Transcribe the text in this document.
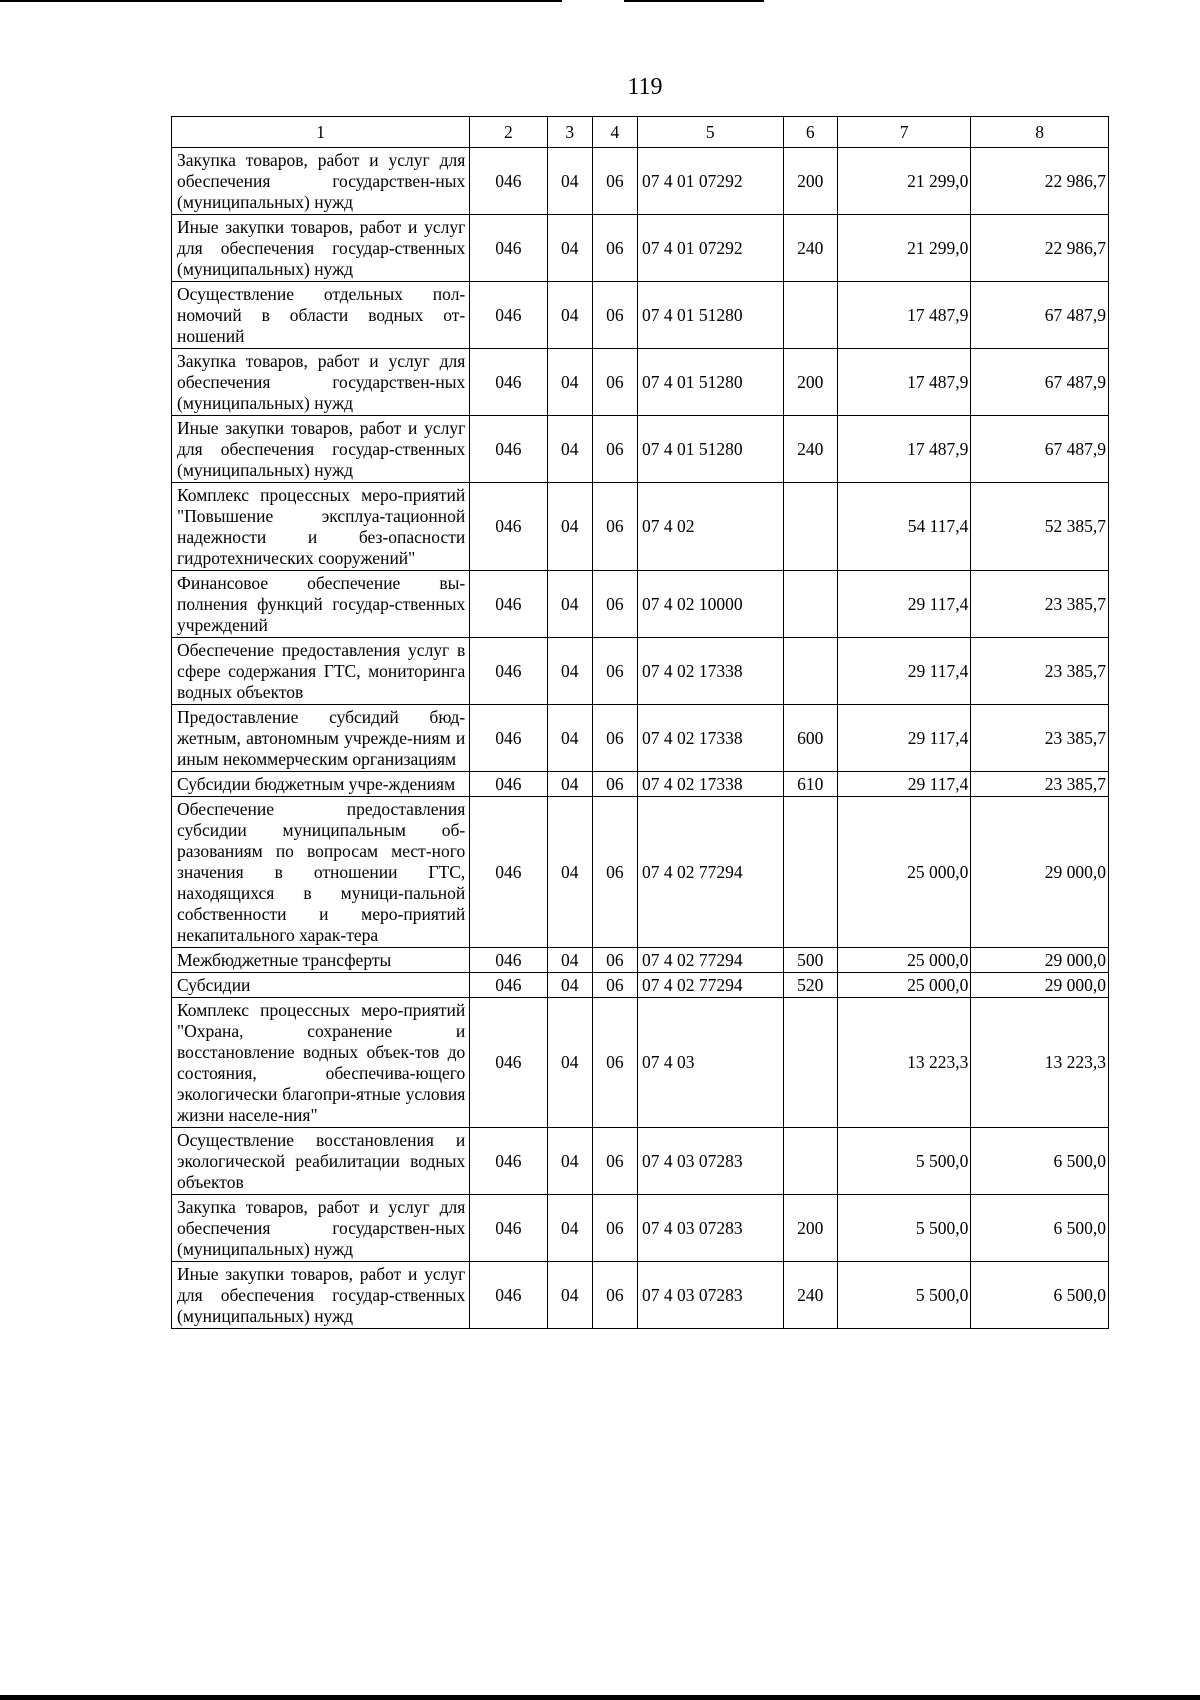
119
1	2	3	4	5	6	7	8
Закупка товаров, работ и услуг для обеспечения государствен-ных (муниципальных) нужд	046	04	06	07 4 01 07292	200	21 299,0	22 986,7
Иные закупки товаров, работ и услуг для обеспечения государ-ственных (муниципальных) нужд	046	04	06	07 4 01 07292	240	21 299,0	22 986,7
Осуществление отдельных пол-номочий в области водных от-ношений	046	04	06	07 4 01 51280		17 487,9	67 487,9
Закупка товаров, работ и услуг для обеспечения государствен-ных (муниципальных) нужд	046	04	06	07 4 01 51280	200	17 487,9	67 487,9
Иные закупки товаров, работ и услуг для обеспечения государ-ственных (муниципальных) нужд	046	04	06	07 4 01 51280	240	17 487,9	67 487,9
Комплекс процессных меро-приятий "Повышение эксплуа-тационной надежности и без-опасности гидротехнических сооружений"	046	04	06	07 4 02		54 117,4	52 385,7
Финансовое обеспечение вы-полнения функций государ-ственных учреждений	046	04	06	07 4 02 10000		29 117,4	23 385,7
Обеспечение предоставления услуг в сфере содержания ГТС, мониторинга водных объектов	046	04	06	07 4 02 17338		29 117,4	23 385,7
Предоставление субсидий бюд-жетным, автономным учрежде-ниям и иным некоммерческим организациям	046	04	06	07 4 02 17338	600	29 117,4	23 385,7
Субсидии бюджетным учре-ждениям	046	04	06	07 4 02 17338	610	29 117,4	23 385,7
Обеспечение предоставления субсидии муниципальным об-разованиям по вопросам мест-ного значения в отношении ГТС, находящихся в муници-пальной собственности и меро-приятий некапитального харак-тера	046	04	06	07 4 02 77294		25 000,0	29 000,0
Межбюджетные трансферты	046	04	06	07 4 02 77294	500	25 000,0	29 000,0
Субсидии	046	04	06	07 4 02 77294	520	25 000,0	29 000,0
Комплекс процессных меро-приятий "Охрана, сохранение и восстановление водных объек-тов до состояния, обеспечива-ющего экологически благопри-ятные условия жизни населе-ния"	046	04	06	07 4 03		13 223,3	13 223,3
Осуществление восстановления и экологической реабилитации водных объектов	046	04	06	07 4 03 07283		5 500,0	6 500,0
Закупка товаров, работ и услуг для обеспечения государствен-ных (муниципальных) нужд	046	04	06	07 4 03 07283	200	5 500,0	6 500,0
Иные закупки товаров, работ и услуг для обеспечения государ-ственных (муниципальных) нужд	046	04	06	07 4 03 07283	240	5 500,0	6 500,0
